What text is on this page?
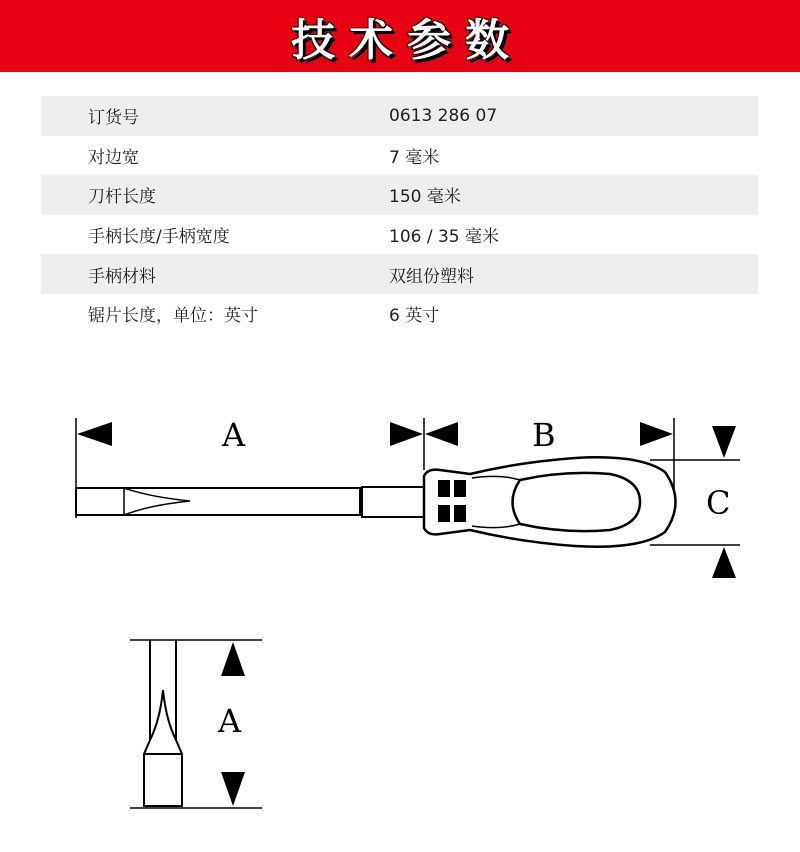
技术参数
订货号	0613 286 07
对边宽	7 毫米
刀杆长度	150 毫米
手柄长度/手柄宽度	106 / 35 毫米
手柄材料	双组份塑料
锯片长度，单位：英寸	6 英寸
A	B
C
A
